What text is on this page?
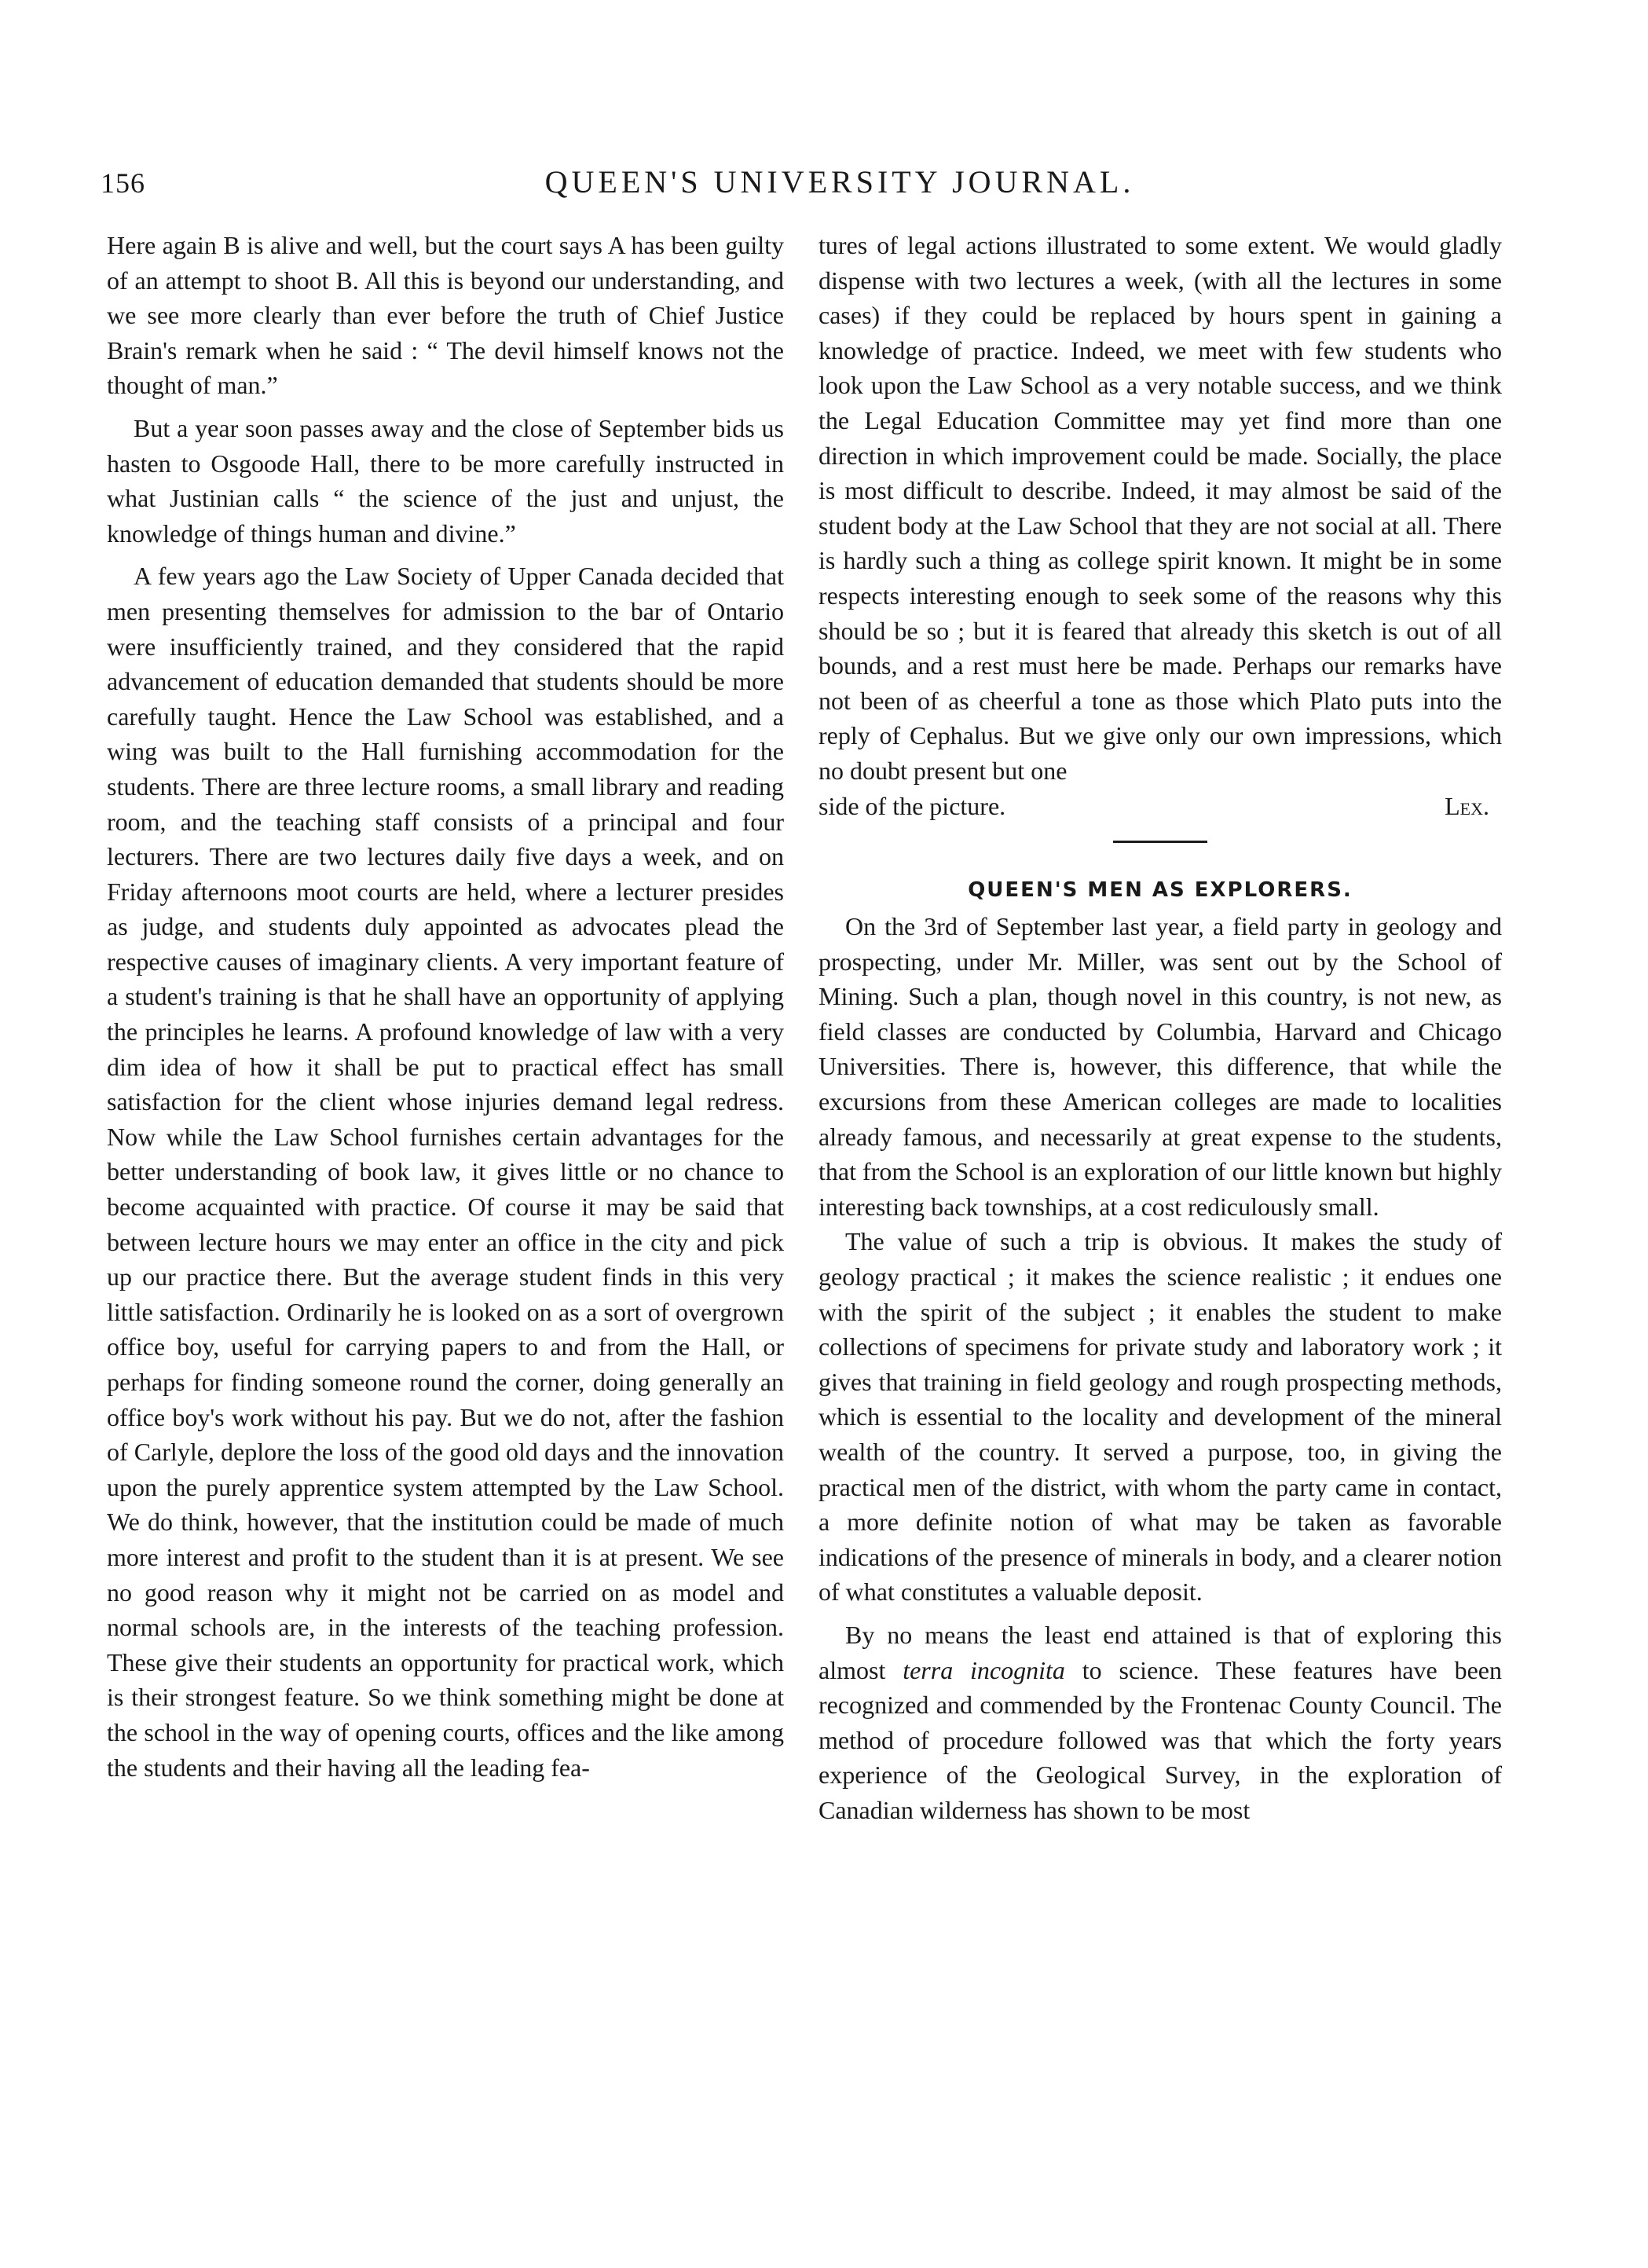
156	QUEEN'S UNIVERSITY JOURNAL.

Here again B is alive and well, but the court says A has been guilty of an attempt to shoot B. All this is beyond our understanding, and we see more clearly than ever before the truth of Chief Justice Brain's remark when he said : “ The devil himself knows not the thought of man.”

But a year soon passes away and the close of September bids us hasten to Osgoode Hall, there to be more carefully instructed in what Justinian calls “ the science of the just and unjust, the knowledge of things human and divine.”

A few years ago the Law Society of Upper Canada decided that men presenting themselves for admission to the bar of Ontario were insufficiently trained, and they considered that the rapid advancement of education demanded that students should be more carefully taught. Hence the Law School was established, and a wing was built to the Hall furnishing accommodation for the students. There are three lecture rooms, a small library and reading room, and the teaching staff consists of a principal and four lecturers. There are two lectures daily five days a week, and on Friday afternoons moot courts are held, where a lecturer presides as judge, and students duly appointed as advocates plead the respective causes of imaginary clients. A very important feature of a student's training is that he shall have an opportunity of applying the principles he learns. A profound knowledge of law with a very dim idea of how it shall be put to practical effect has small satisfaction for the client whose injuries demand legal redress. Now while the Law School furnishes certain advantages for the better understanding of book law, it gives little or no chance to become acquainted with practice. Of course it may be said that between lecture hours we may enter an office in the city and pick up our practice there. But the average student finds in this very little satisfaction. Ordinarily he is looked on as a sort of overgrown office boy, useful for carrying papers to and from the Hall, or perhaps for finding someone round the corner, doing generally an office boy's work without his pay. But we do not, after the fashion of Carlyle, deplore the loss of the good old days and the innovation upon the purely apprentice system attempted by the Law School. We do think, however, that the institution could be made of much more interest and profit to the student than it is at present. We see no good reason why it might not be carried on as model and normal schools are, in the interests of the teaching profession. These give their students an opportunity for practical work, which is their strongest feature. So we think something might be done at the school in the way of opening courts, offices and the like among the students and their having all the leading fea-

tures of legal actions illustrated to some extent. We would gladly dispense with two lectures a week, (with all the lectures in some cases) if they could be replaced by hours spent in gaining a knowledge of practice. Indeed, we meet with few students who look upon the Law School as a very notable success, and we think the Legal Education Committee may yet find more than one direction in which improvement could be made. Socially, the place is most difficult to describe. Indeed, it may almost be said of the student body at the Law School that they are not social at all. There is hardly such a thing as college spirit known. It might be in some respects interesting enough to seek some of the reasons why this should be so ; but it is feared that already this sketch is out of all bounds, and a rest must here be made. Perhaps our remarks have not been of as cheerful a tone as those which Plato puts into the reply of Cephalus. But we give only our own impressions, which no doubt present but one

side of the picture.	Lex.

QUEEN'S MEN AS EXPLORERS.

On the 3rd of September last year, a field party in geology and prospecting, under Mr. Miller, was sent out by the School of Mining. Such a plan, though novel in this country, is not new, as field classes are conducted by Columbia, Harvard and Chicago Universities. There is, however, this difference, that while the excursions from these American colleges are made to localities already famous, and necessarily at great expense to the students, that from the School is an exploration of our little known but highly interesting back townships, at a cost rediculously small.

The value of such a trip is obvious. It makes the study of geology practical ; it makes the science realistic ; it endues one with the spirit of the subject ; it enables the student to make collections of specimens for private study and laboratory work ; it gives that training in field geology and rough prospecting methods, which is essential to the locality and development of the mineral wealth of the country. It served a purpose, too, in giving the practical men of the district, with whom the party came in contact, a more definite notion of what may be taken as favorable indications of the presence of minerals in body, and a clearer notion of what constitutes a valuable deposit.

By no means the least end attained is that of exploring this almost terra incognita to science. These features have been recognized and commended by the Frontenac County Council. The method of procedure followed was that which the forty years experience of the Geological Survey, in the exploration of Canadian wilderness has shown to be most
